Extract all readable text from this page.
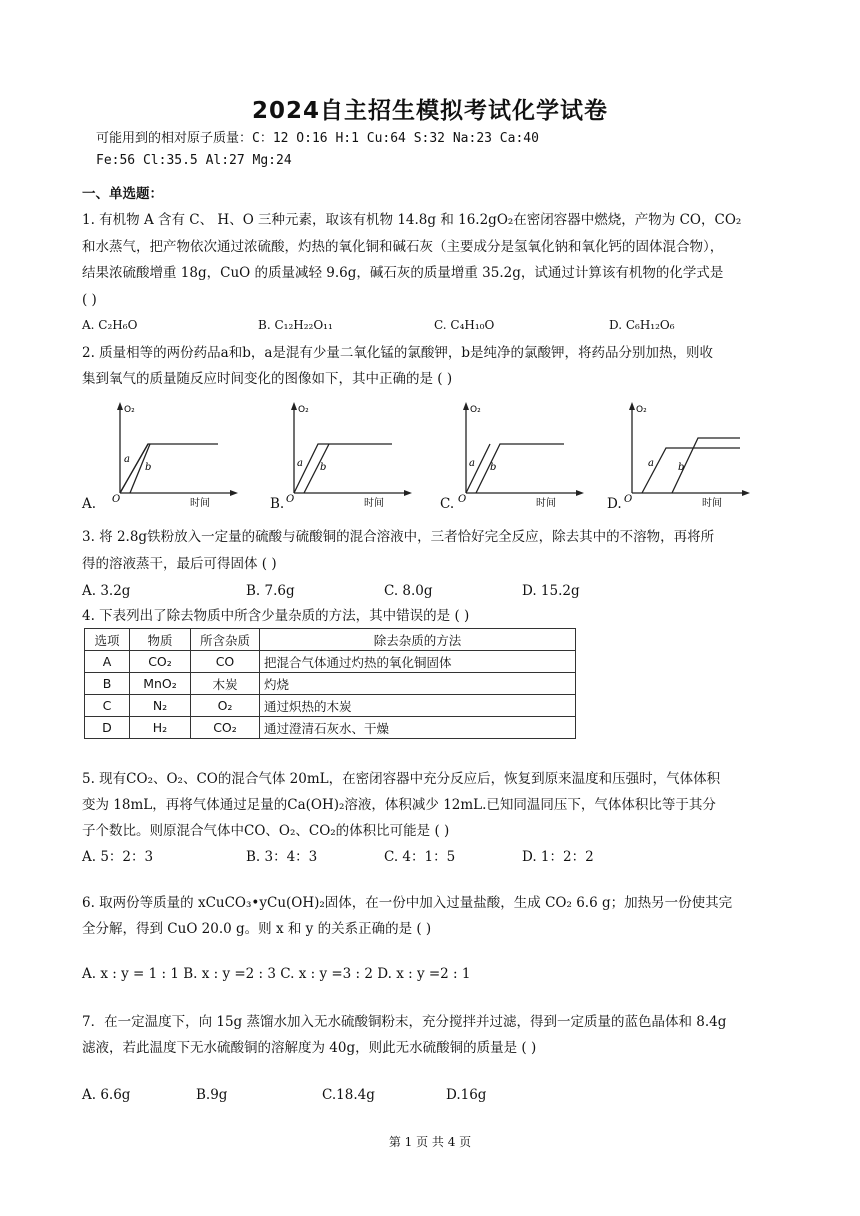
2024自主招生模拟考试化学试卷
可能用到的相对原子质量：C：12 O:16 H:1 Cu:64 S:32 Na:23 Ca:40
Fe:56 Cl:35.5 Al:27 Mg:24
一、单选题：
1. 有机物 A 含有 C、 H、O 三种元素，取该有机物 14.8g 和 16.2gO₂在密闭容器中燃烧，产物为 CO，CO₂
和水蒸气，把产物依次通过浓硫酸，灼热的氧化铜和碱石灰（主要成分是氢氧化钠和氧化钙的固体混合物），
结果浓硫酸增重 18g，CuO 的质量减轻 9.6g，碱石灰的质量增重 35.2g，试通过计算该有机物的化学式是
( )
A. C₂H₆O	B. C₁₂H₂₂O₁₁	C. C₄H₁₀O	D. C₆H₁₂O₆
2. 质量相等的两份药品a和b，a是混有少量二氧化锰的氯酸钾，b是纯净的氯酸钾，将药品分别加热，则收
集到氧气的质量随反应时间变化的图像如下，其中正确的是 ( )
A.
O₂
O	时间
a
b
B.
O₂
O	时间
a b
C.
O₂
O	时间
a b
D.
O₂
O	时间
a b
3. 将 2.8g铁粉放入一定量的硫酸与硫酸铜的混合溶液中，三者恰好完全反应，除去其中的不溶物，再将所
得的溶液蒸干，最后可得固体 ( )
A. 3.2g	B. 7.6g	C. 8.0g	D. 15.2g
4. 下表列出了除去物质中所含少量杂质的方法，其中错误的是 ( )
选项	物质	所含杂质	除去杂质的方法
A	CO₂	CO	把混合气体通过灼热的氧化铜固体
B	MnO₂	木炭	灼烧
C	N₂	O₂	通过炽热的木炭
D	H₂	CO₂	通过澄清石灰水、干燥
5. 现有CO₂、O₂、CO的混合气体 20mL，在密闭容器中充分反应后，恢复到原来温度和压强时，气体体积
变为 18mL，再将气体通过足量的Ca(OH)₂溶液，体积减少 12mL.已知同温同压下，气体体积比等于其分
子个数比。则原混合气体中CO、O₂、CO₂的体积比可能是 ( )
A. 5：2：3	B. 3：4：3	C. 4：1：5	D. 1：2：2
6. 取两份等质量的 xCuCO₃•yCu(OH)₂固体，在一份中加入过量盐酸，生成 CO₂ 6.6 g；加热另一份使其完
全分解，得到 CuO 20.0 g。则 x 和 y 的关系正确的是 ( )
A. x : y = 1 : 1 B. x : y =2 : 3 C. x : y =3 : 2 D. x : y =2 : 1
7．在一定温度下，向 15g 蒸馏水加入无水硫酸铜粉末，充分搅拌并过滤，得到一定质量的蓝色晶体和 8.4g
滤液，若此温度下无水硫酸铜的溶解度为 40g，则此无水硫酸铜的质量是 ( )
A. 6.6g	B.9g	C.18.4g	D.16g
第 1 页 共 4 页
